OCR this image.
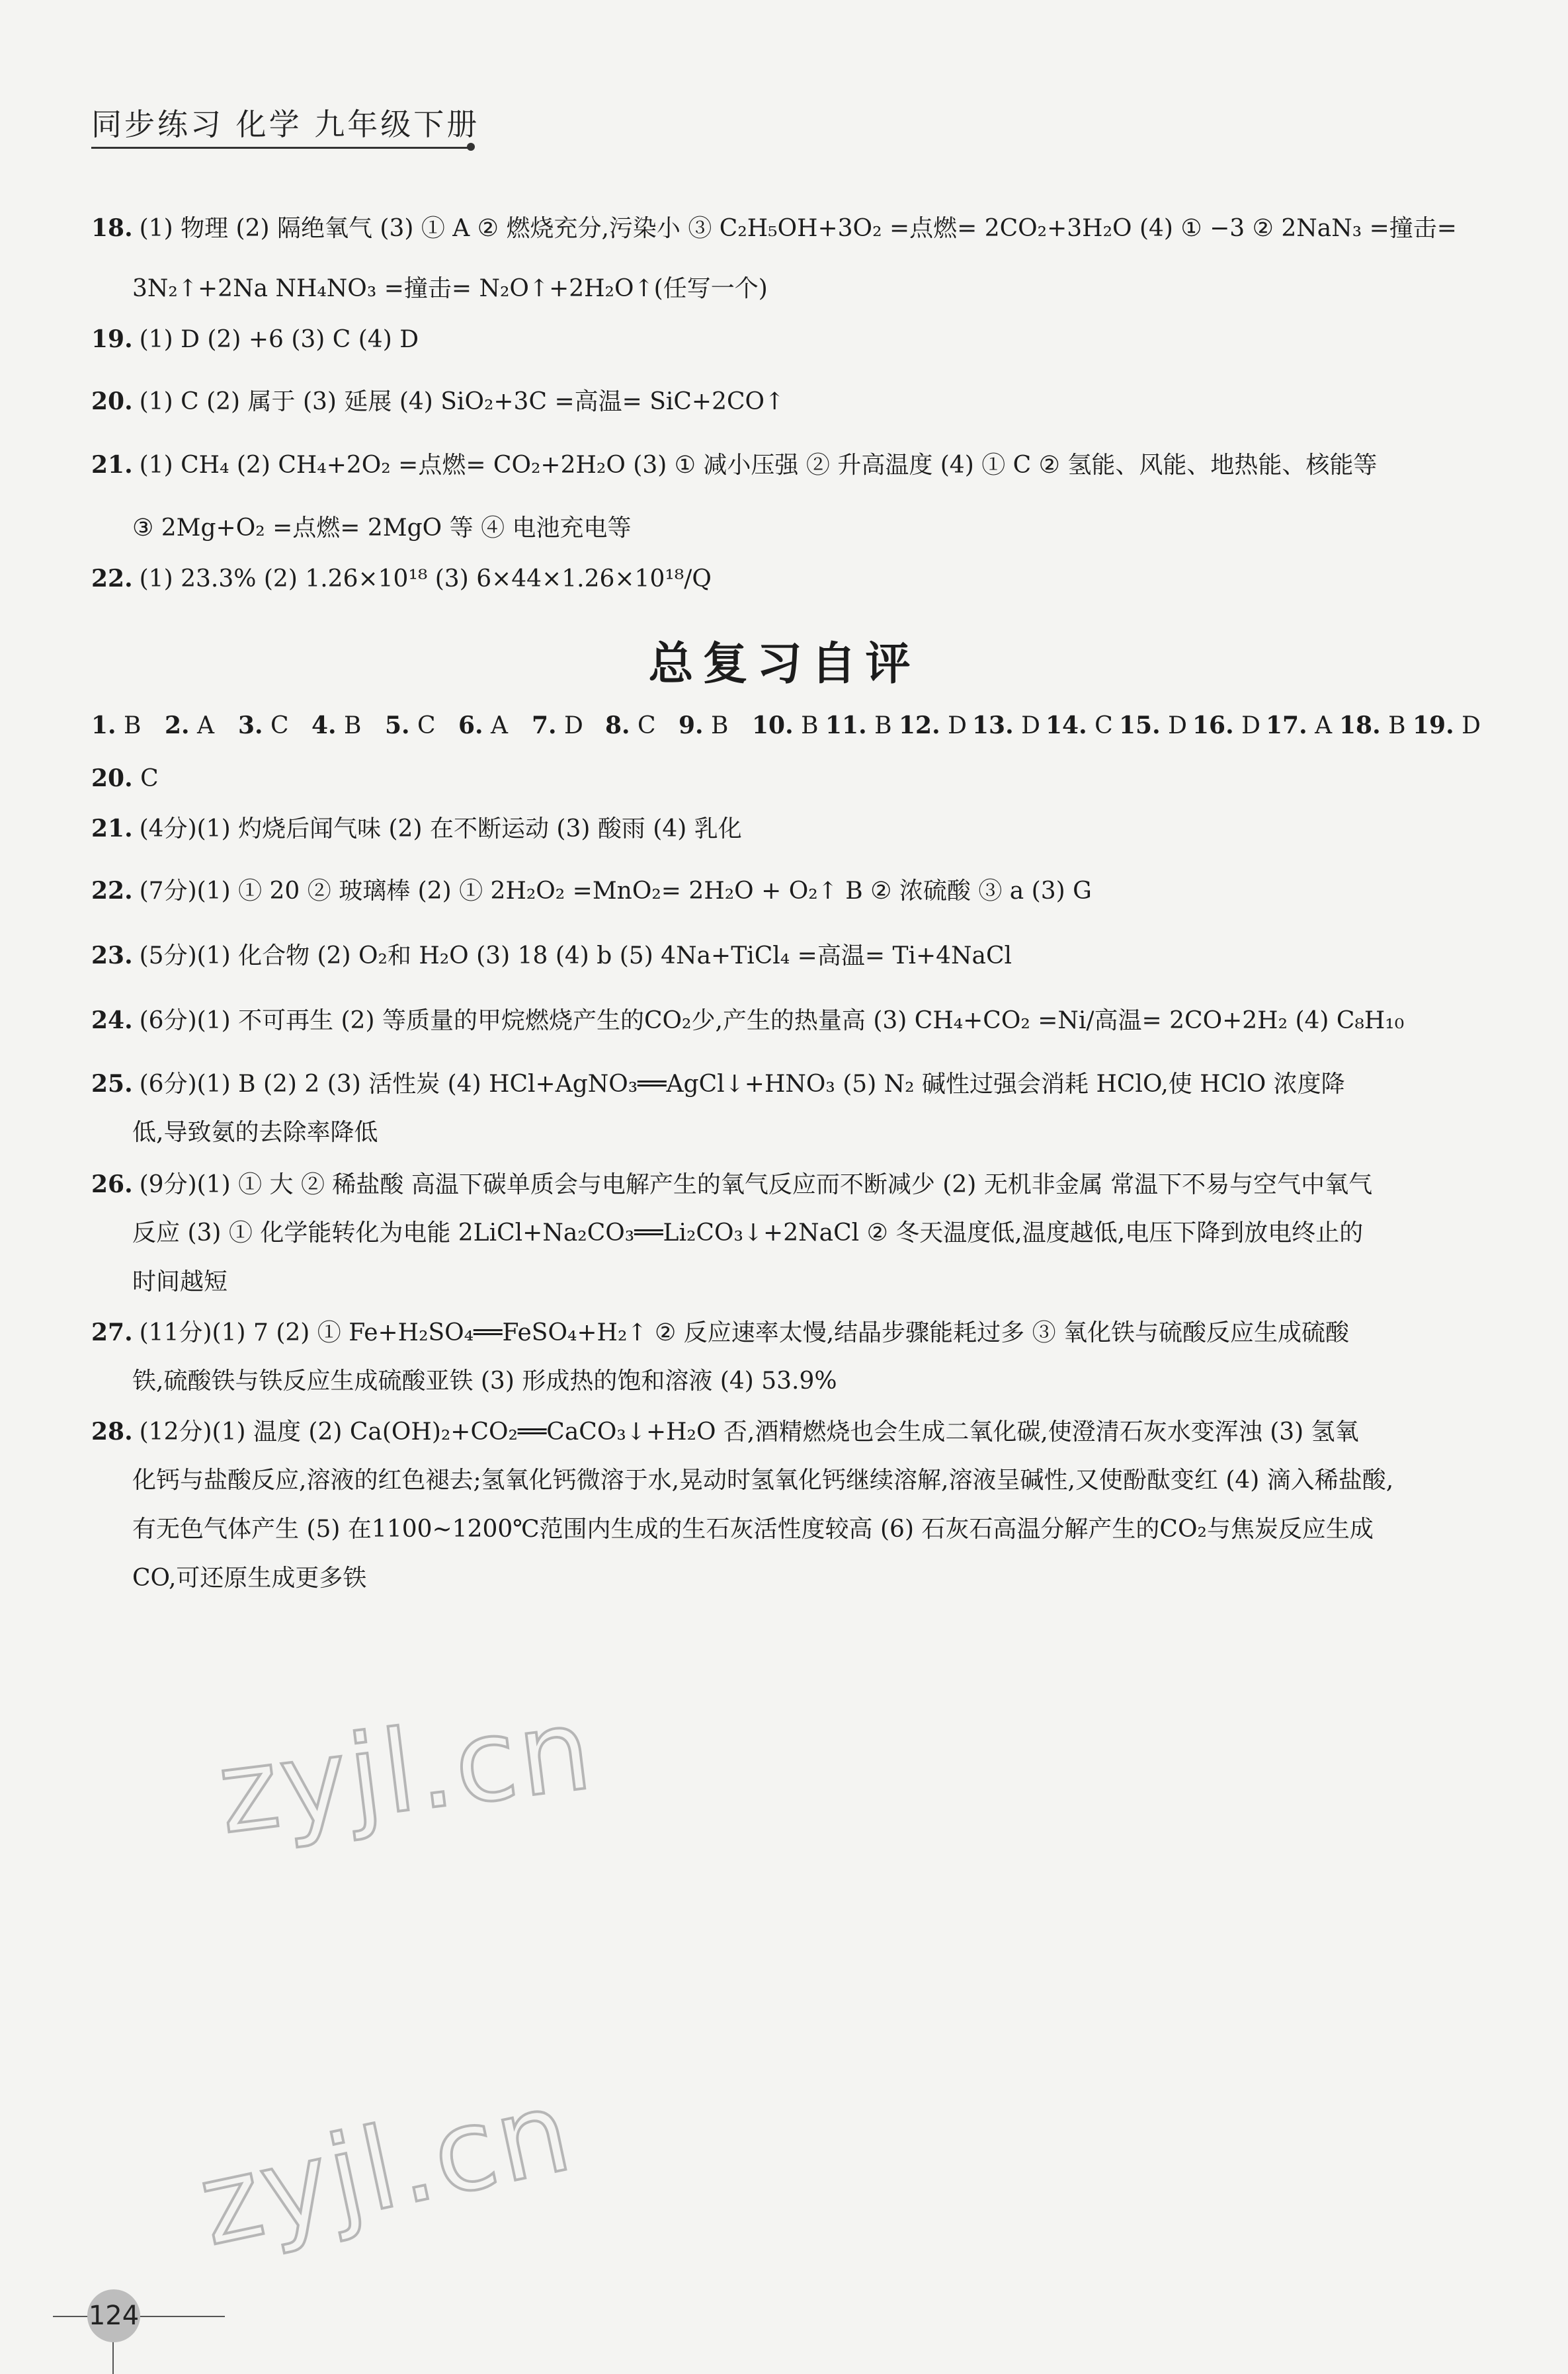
同步练习 化学 九年级下册
18. (1) 物理 (2) 隔绝氧气 (3) ① A ② 燃烧充分,污染小 ③ C₂H₅OH+3O₂ =点燃= 2CO₂+3H₂O (4) ① −3 ② 2NaN₃ =撞击=
3N₂↑+2Na NH₄NO₃ =撞击= N₂O↑+2H₂O↑(任写一个)
19. (1) D (2) +6 (3) C (4) D
20. (1) C (2) 属于 (3) 延展 (4) SiO₂+3C =高温= SiC+2CO↑
21. (1) CH₄ (2) CH₄+2O₂ =点燃= CO₂+2H₂O (3) ① 减小压强 ② 升高温度 (4) ① C ② 氢能、风能、地热能、核能等
③ 2Mg+O₂ =点燃= 2MgO 等 ④ 电池充电等
22. (1) 23.3% (2) 1.26×10¹⁸ (3) 6×44×1.26×10¹⁸/Q
总复习自评
1. B 2. A 3. C 4. B 5. C 6. A 7. D 8. C 9. B 10. B 11. B 12. D 13. D 14. C 15. D 16. D 17. A 18. B 19. D
20. C
21. (4分)(1) 灼烧后闻气味 (2) 在不断运动 (3) 酸雨 (4) 乳化
22. (7分)(1) ① 20 ② 玻璃棒 (2) ① 2H₂O₂ =MnO₂= 2H₂O + O₂↑ B ② 浓硫酸 ③ a (3) G
23. (5分)(1) 化合物 (2) O₂和 H₂O (3) 18 (4) b (5) 4Na+TiCl₄ =高温= Ti+4NaCl
24. (6分)(1) 不可再生 (2) 等质量的甲烷燃烧产生的CO₂少,产生的热量高 (3) CH₄+CO₂ =Ni/高温= 2CO+2H₂ (4) C₈H₁₀
25. (6分)(1) B (2) 2 (3) 活性炭 (4) HCl+AgNO₃══AgCl↓+HNO₃ (5) N₂ 碱性过强会消耗 HClO,使 HClO 浓度降
低,导致氨的去除率降低
26. (9分)(1) ① 大 ② 稀盐酸 高温下碳单质会与电解产生的氧气反应而不断减少 (2) 无机非金属 常温下不易与空气中氧气
反应 (3) ① 化学能转化为电能 2LiCl+Na₂CO₃══Li₂CO₃↓+2NaCl ② 冬天温度低,温度越低,电压下降到放电终止的
时间越短
27. (11分)(1) 7 (2) ① Fe+H₂SO₄══FeSO₄+H₂↑ ② 反应速率太慢,结晶步骤能耗过多 ③ 氧化铁与硫酸反应生成硫酸
铁,硫酸铁与铁反应生成硫酸亚铁 (3) 形成热的饱和溶液 (4) 53.9%
28. (12分)(1) 温度 (2) Ca(OH)₂+CO₂══CaCO₃↓+H₂O 否,酒精燃烧也会生成二氧化碳,使澄清石灰水变浑浊 (3) 氢氧
化钙与盐酸反应,溶液的红色褪去;氢氧化钙微溶于水,晃动时氢氧化钙继续溶解,溶液呈碱性,又使酚酞变红 (4) 滴入稀盐酸,
有无色气体产生 (5) 在1100~1200℃范围内生成的生石灰活性度较高 (6) 石灰石高温分解产生的CO₂与焦炭反应生成
CO,可还原生成更多铁
zyjl.cn
zyjl.cn
124
